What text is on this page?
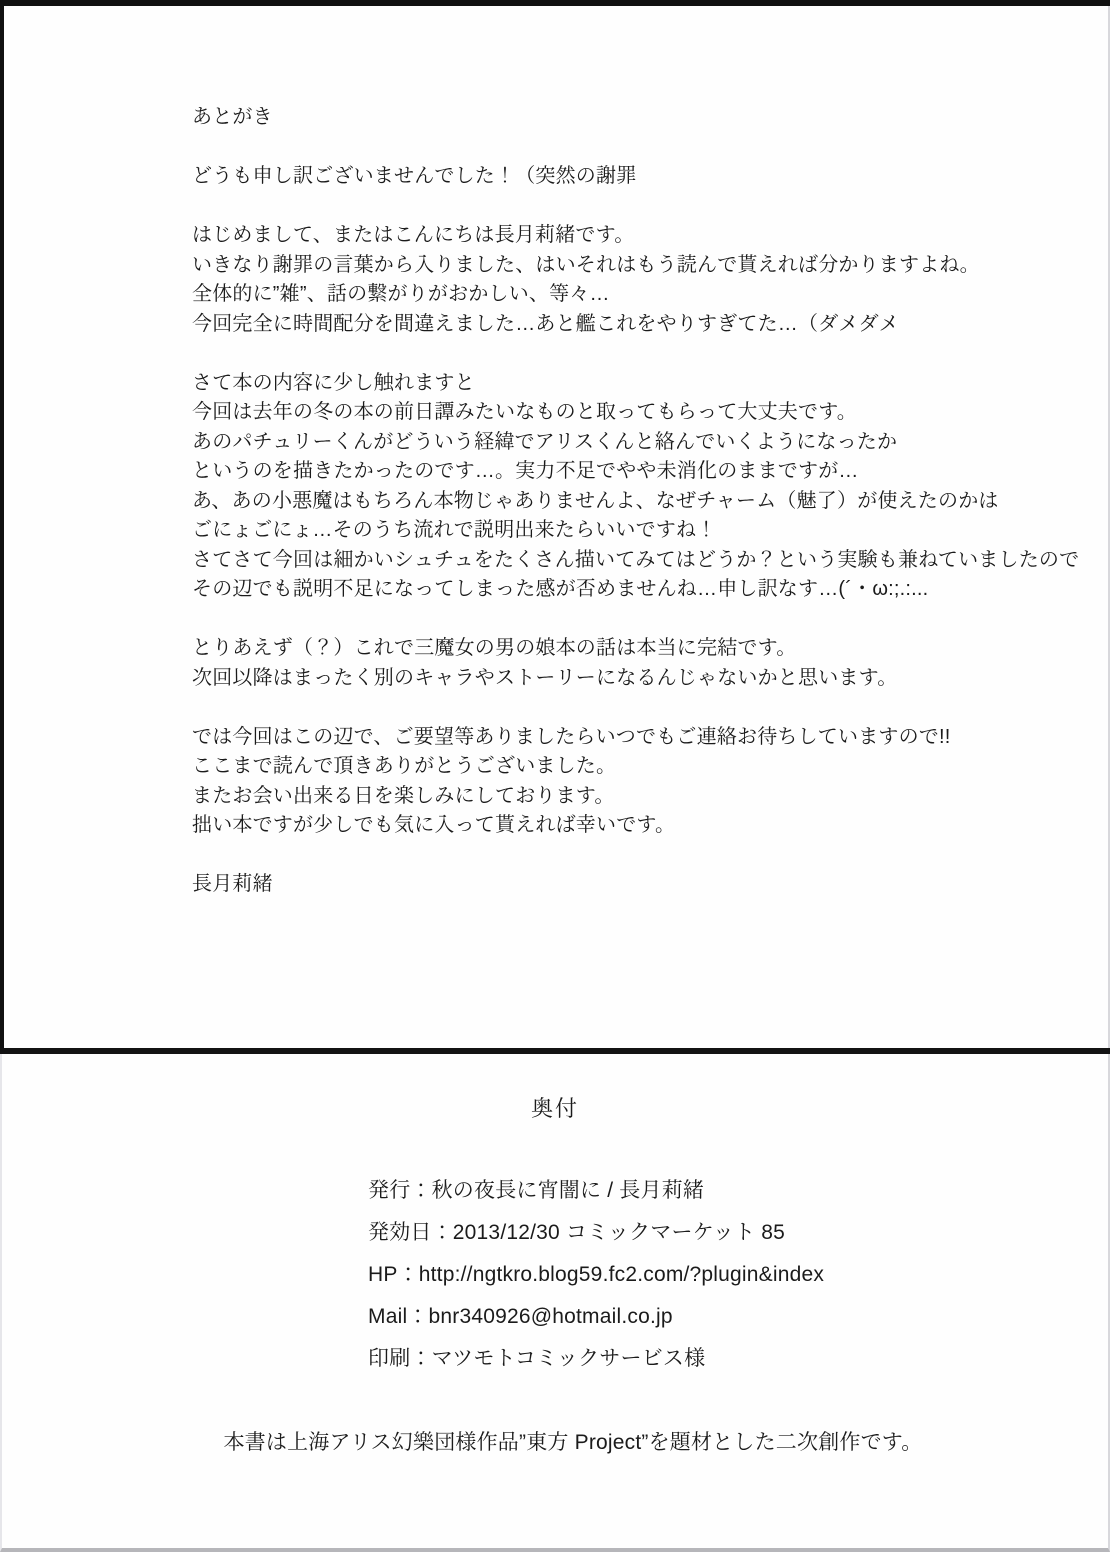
あとがき

どうも申し訳ございませんでした！（突然の謝罪

はじめまして、またはこんにちは長月莉緒です。
いきなり謝罪の言葉から入りました、はいそれはもう読んで貰えれば分かりますよね。
全体的に”雑”、話の繋がりがおかしい、等々…
今回完全に時間配分を間違えました…あと艦これをやりすぎてた…（ダメダメ

さて本の内容に少し触れますと
今回は去年の冬の本の前日譚みたいなものと取ってもらって大丈夫です。
あのパチュリーくんがどういう経緯でアリスくんと絡んでいくようになったか
というのを描きたかったのです…。実力不足でやや未消化のままですが…
あ、あの小悪魔はもちろん本物じゃありませんよ、なぜチャーム（魅了）が使えたのかは
ごにょごにょ…そのうち流れで説明出来たらいいですね！
さてさて今回は細かいシュチュをたくさん描いてみてはどうか？という実験も兼ねていましたので
その辺でも説明不足になってしまった感が否めませんね…申し訳なす…(´・ω:;.:...

とりあえず（？）これで三魔女の男の娘本の話は本当に完結です。
次回以降はまったく別のキャラやストーリーになるんじゃないかと思います。

では今回はこの辺で、ご要望等ありましたらいつでもご連絡お待ちしていますので!!
ここまで読んで頂きありがとうございました。
またお会い出来る日を楽しみにしております。
拙い本ですが少しでも気に入って貰えれば幸いです。

長月莉緒
奥付
発行：秋の夜長に宵闇に / 長月莉緒
発効日：2013/12/30 コミックマーケット 85
HP：http://ngtkro.blog59.fc2.com/?plugin&index
Mail：bnr340926@hotmail.co.jp
印刷：マツモトコミックサービス様
本書は上海アリス幻樂団様作品”東方 Project”を題材とした二次創作です。
